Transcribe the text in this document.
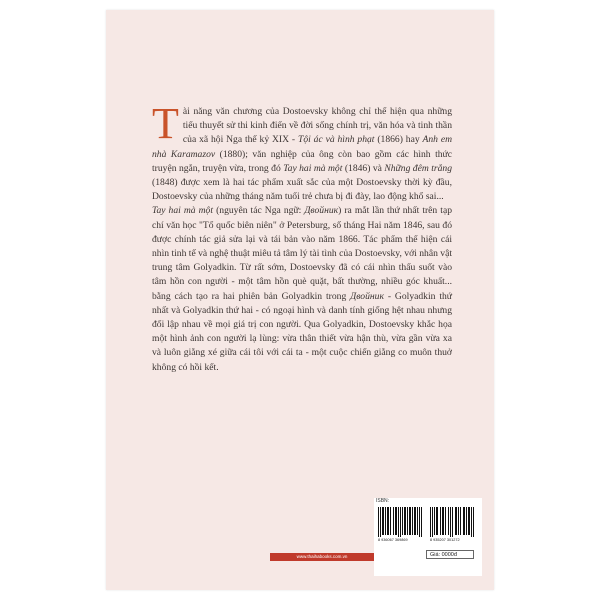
Tài năng văn chương của Dostoevsky không chỉ thể hiện qua những tiểu thuyết sử thi kinh điển về đời sống chính trị, văn hóa và tinh thần của xã hội Nga thế kỷ XIX - Tội ác và hình phạt (1866) hay Anh em nhà Karamazov (1880); văn nghiệp của ông còn bao gồm các hình thức truyện ngắn, truyện vừa, trong đó Tay hai mà một (1846) và Những đêm trắng (1848) được xem là hai tác phẩm xuất sắc của một Dostoevsky thời kỳ đầu, Dostoevsky của những tháng năm tuổi trẻ chưa bị đi đày, lao động khổ sai...

Tay hai mà một (nguyên tác Nga ngữ: Двойник) ra mắt lần thứ nhất trên tạp chí văn học "Tổ quốc biên niên" ở Petersburg, số tháng Hai năm 1846, sau đó được chính tác giả sửa lại và tái bản vào năm 1866. Tác phẩm thể hiện cái nhìn tinh tế và nghệ thuật miêu tả tâm lý tài tình của Dostoevsky, với nhân vật trung tâm Golyadkin. Từ rất sớm, Dostoevsky đã có cái nhìn thấu suốt vào tâm hồn con người - một tâm hồn què quặt, bất thường, nhiều góc khuất... bằng cách tạo ra hai phiên bản Golyadkin trong Двойник - Golyadkin thứ nhất và Golyadkin thứ hai - có ngoại hình và danh tính giống hệt nhau nhưng đối lập nhau về mọi giá trị con người. Qua Golyadkin, Dostoevsky khắc họa một hình ảnh con người lạ lùng: vừa thân thiết vừa hận thù, vừa gần vừa xa và luôn giằng xé giữa cái tôi với cái ta - một cuộc chiến giằng co muôn thuở không có hồi kết.

ISBN:
8 936067 369869	8 935207 301272
Giá: 0000đ
www.thaihabooks.com.vn
